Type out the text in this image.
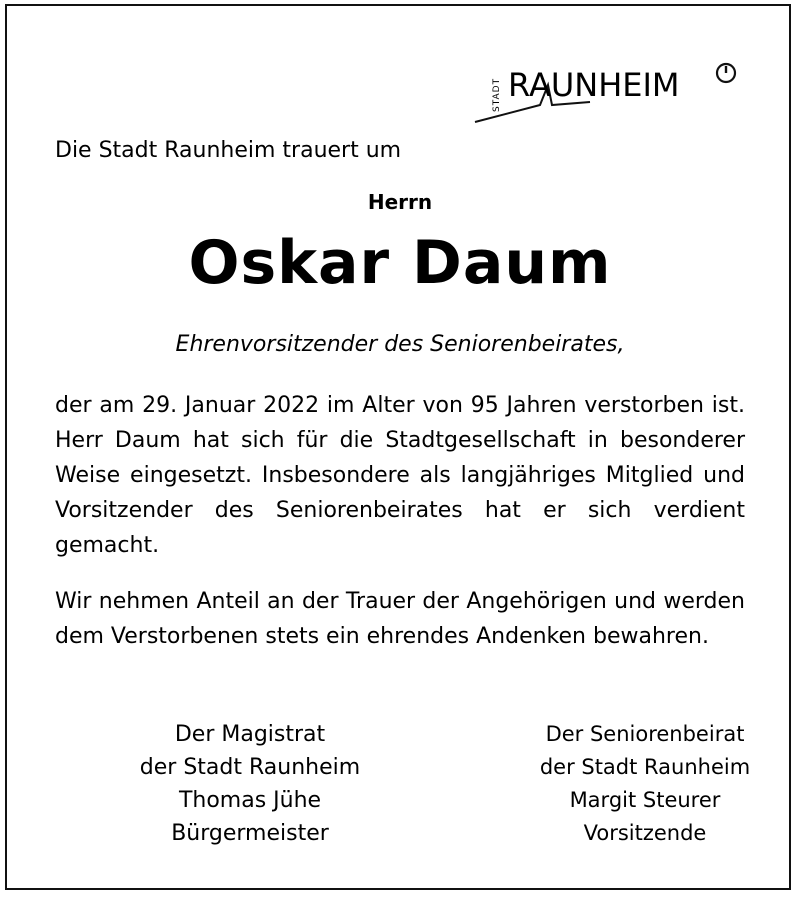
STADT RAUNHEIM
Die Stadt Raunheim trauert um
Herrn
Oskar Daum
Ehrenvorsitzender des Seniorenbeirates,
der am 29. Januar 2022 im Alter von 95 Jahren verstorben ist. Herr Daum hat sich für die Stadtgesellschaft in besonderer Weise eingesetzt. Insbesondere als langjähriges Mitglied und Vorsitzender des Seniorenbeirates hat er sich verdient gemacht.
Wir nehmen Anteil an der Trauer der Angehörigen und werden dem Verstorbenen stets ein ehrendes Andenken bewahren.
Der Magistrat
der Stadt Raunheim
Thomas Jühe
Bürgermeister
Der Seniorenbeirat
der Stadt Raunheim
Margit Steurer
Vorsitzende
